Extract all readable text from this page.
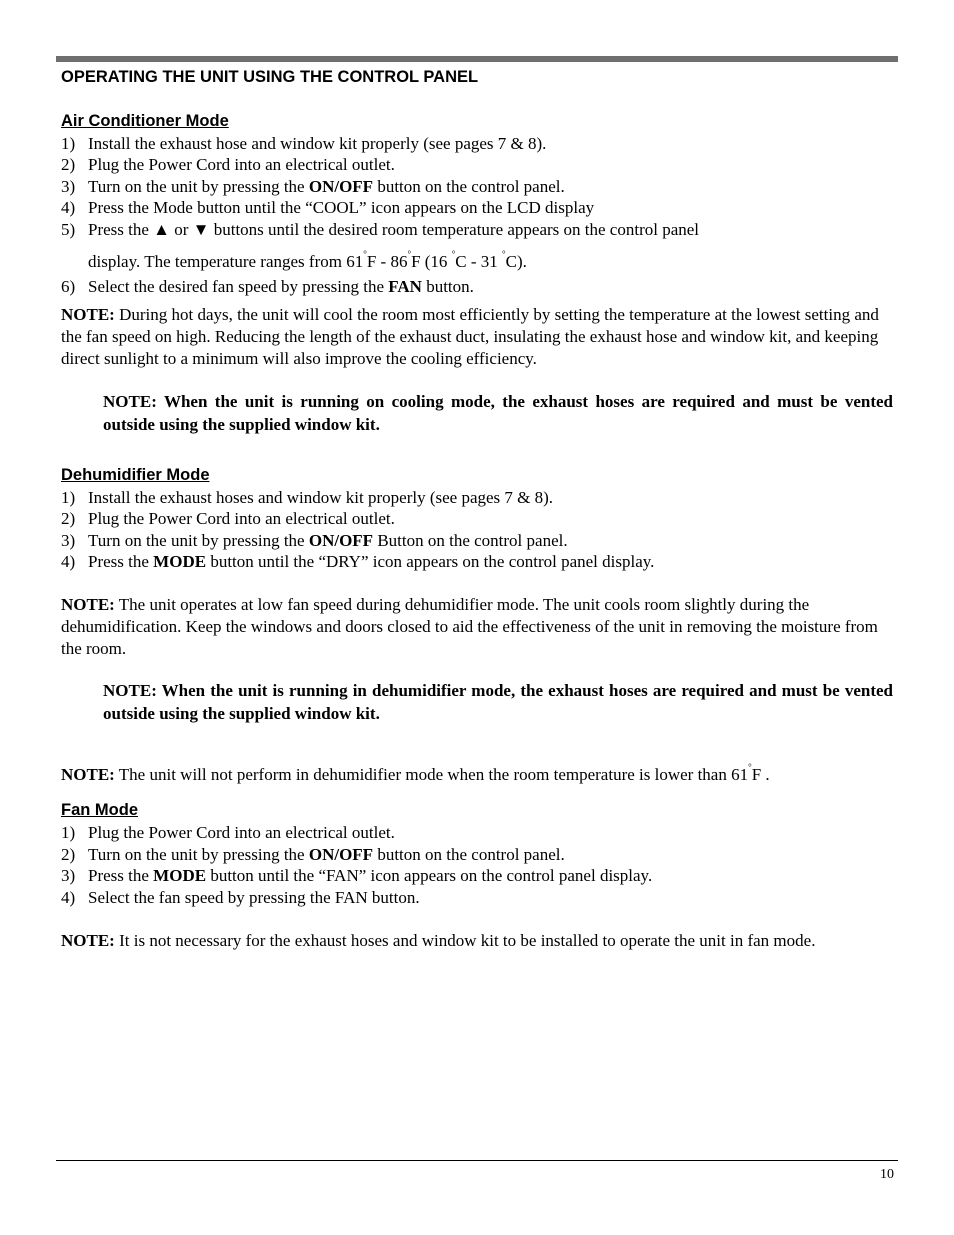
OPERATING THE UNIT USING THE CONTROL PANEL
Air Conditioner Mode
1) Install the exhaust hose and window kit properly (see pages 7 & 8).
2) Plug the Power Cord into an electrical outlet.
3) Turn on the unit by pressing the ON/OFF button on the control panel.
4) Press the Mode button until the “COOL” icon appears on the LCD display
5) Press the ▲ or ▼ buttons until the desired room temperature appears on the control panel
display. The temperature ranges from 61°F - 86°F (16 °C - 31 °C).
6) Select the desired fan speed by pressing the FAN button.
NOTE: During hot days, the unit will cool the room most efficiently by setting the temperature at the lowest setting and the fan speed on high. Reducing the length of the exhaust duct, insulating the exhaust hose and window kit, and keeping direct sunlight to a minimum will also improve the cooling efficiency.
NOTE: When the unit is running on cooling mode, the exhaust hoses are required and must be vented outside using the supplied window kit.
Dehumidifier Mode
1) Install the exhaust hoses and window kit properly (see pages 7 & 8).
2) Plug the Power Cord into an electrical outlet.
3) Turn on the unit by pressing the ON/OFF Button on the control panel.
4) Press the MODE button until the “DRY” icon appears on the control panel display.
NOTE: The unit operates at low fan speed during dehumidifier mode. The unit cools room slightly during the dehumidification. Keep the windows and doors closed to aid the effectiveness of the unit in removing the moisture from the room.
NOTE: When the unit is running in dehumidifier mode, the exhaust hoses are required and must be vented outside using the supplied window kit.
NOTE: The unit will not perform in dehumidifier mode when the room temperature is lower than 61°F .
Fan Mode
1) Plug the Power Cord into an electrical outlet.
2) Turn on the unit by pressing the ON/OFF button on the control panel.
3) Press the MODE button until the “FAN” icon appears on the control panel display.
4) Select the fan speed by pressing the FAN button.
NOTE: It is not necessary for the exhaust hoses and window kit to be installed to operate the unit in fan mode.
10
